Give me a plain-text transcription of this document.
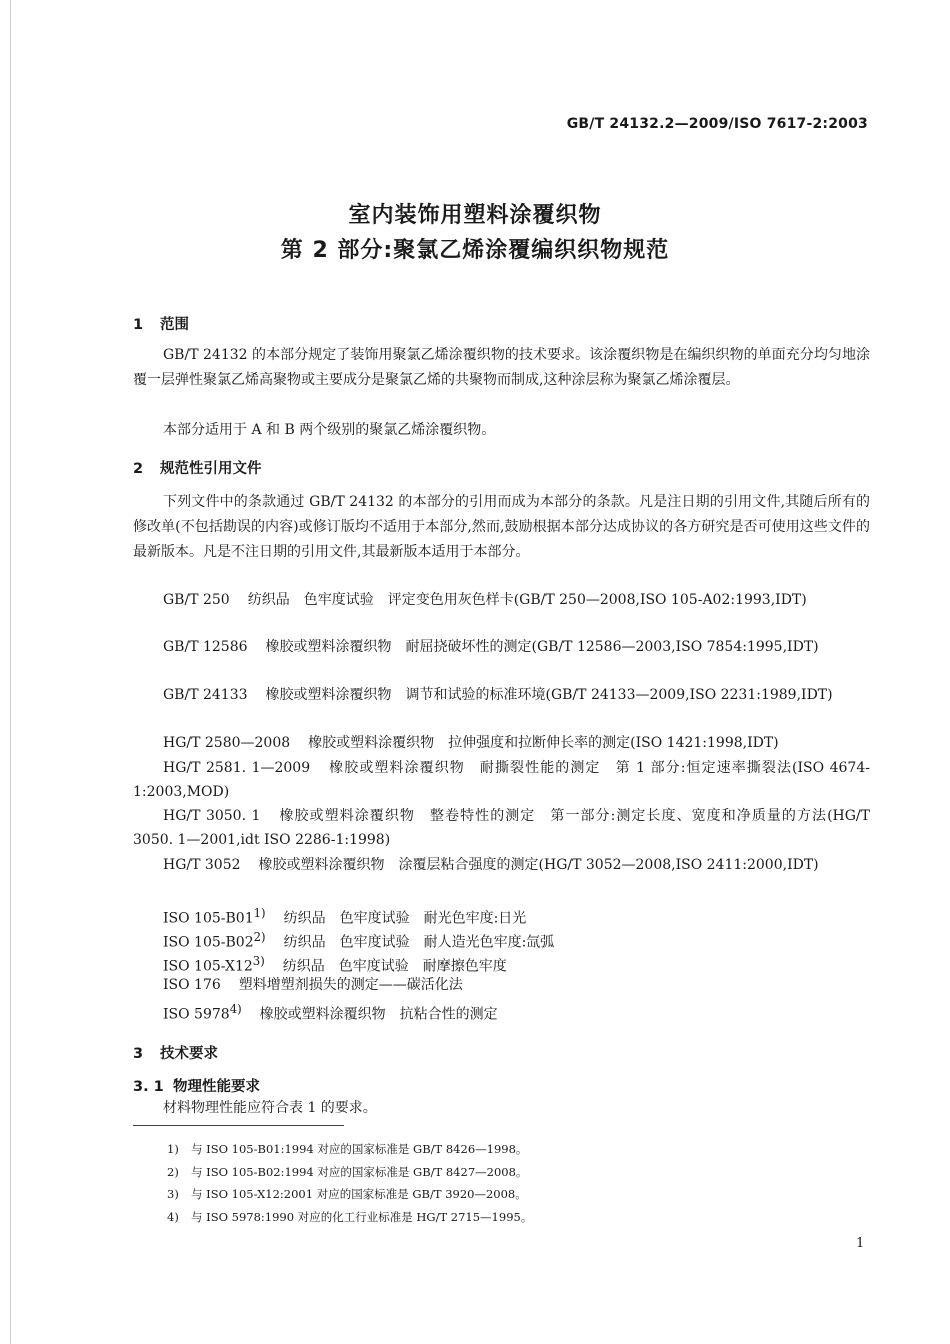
GB/T 24132.2—2009/ISO 7617-2:2003
室内装饰用塑料涂覆织物
第 2 部分:聚氯乙烯涂覆编织织物规范
1 范围
GB/T 24132 的本部分规定了装饰用聚氯乙烯涂覆织物的技术要求。该涂覆织物是在编织织物的单面充分均匀地涂覆一层弹性聚氯乙烯高聚物或主要成分是聚氯乙烯的共聚物而制成,这种涂层称为聚氯乙烯涂覆层。
本部分适用于 A 和 B 两个级别的聚氯乙烯涂覆织物。
2 规范性引用文件
下列文件中的条款通过 GB/T 24132 的本部分的引用而成为本部分的条款。凡是注日期的引用文件,其随后所有的修改单(不包括勘误的内容)或修订版均不适用于本部分,然而,鼓励根据本部分达成协议的各方研究是否可使用这些文件的最新版本。凡是不注日期的引用文件,其最新版本适用于本部分。
GB/T 250 纺织品　色牢度试验　评定变色用灰色样卡(GB/T 250—2008,ISO 105-A02:1993,IDT)
GB/T 12586 橡胶或塑料涂覆织物　耐屈挠破坏性的测定(GB/T 12586—2003,ISO 7854:1995,IDT)
GB/T 24133 橡胶或塑料涂覆织物　调节和试验的标准环境(GB/T 24133—2009,ISO 2231:1989,IDT)
HG/T 2580—2008 橡胶或塑料涂覆织物　拉伸强度和拉断伸长率的测定(ISO 1421:1998,IDT)
HG/T 2581. 1—2009 橡胶或塑料涂覆织物　耐撕裂性能的测定　第 1 部分:恒定速率撕裂法(ISO 4674-1:2003,MOD)
HG/T 3050. 1 橡胶或塑料涂覆织物　整卷特性的测定　第一部分:测定长度、宽度和净质量的方法(HG/T 3050. 1—2001,idt ISO 2286-1:1998)
HG/T 3052 橡胶或塑料涂覆织物　涂覆层粘合强度的测定(HG/T 3052—2008,ISO 2411:2000,IDT)
ISO 105-B01$^{1)}$ 纺织品　色牢度试验　耐光色牢度:日光
ISO 105-B02$^{2)}$ 纺织品　色牢度试验　耐人造光色牢度:氙弧
ISO 105-X12$^{3)}$ 纺织品　色牢度试验　耐摩擦色牢度
ISO 176 塑料增塑剂损失的测定——碳活化法
ISO 5978$^{4)}$ 橡胶或塑料涂覆织物　抗粘合性的测定
3 技术要求
3. 1 物理性能要求
材料物理性能应符合表 1 的要求。
1) 与 ISO 105-B01:1994 对应的国家标准是 GB/T 8426—1998。
2) 与 ISO 105-B02:1994 对应的国家标准是 GB/T 8427—2008。
3) 与 ISO 105-X12:2001 对应的国家标准是 GB/T 3920—2008。
4) 与 ISO 5978:1990 对应的化工行业标准是 HG/T 2715—1995。
1
